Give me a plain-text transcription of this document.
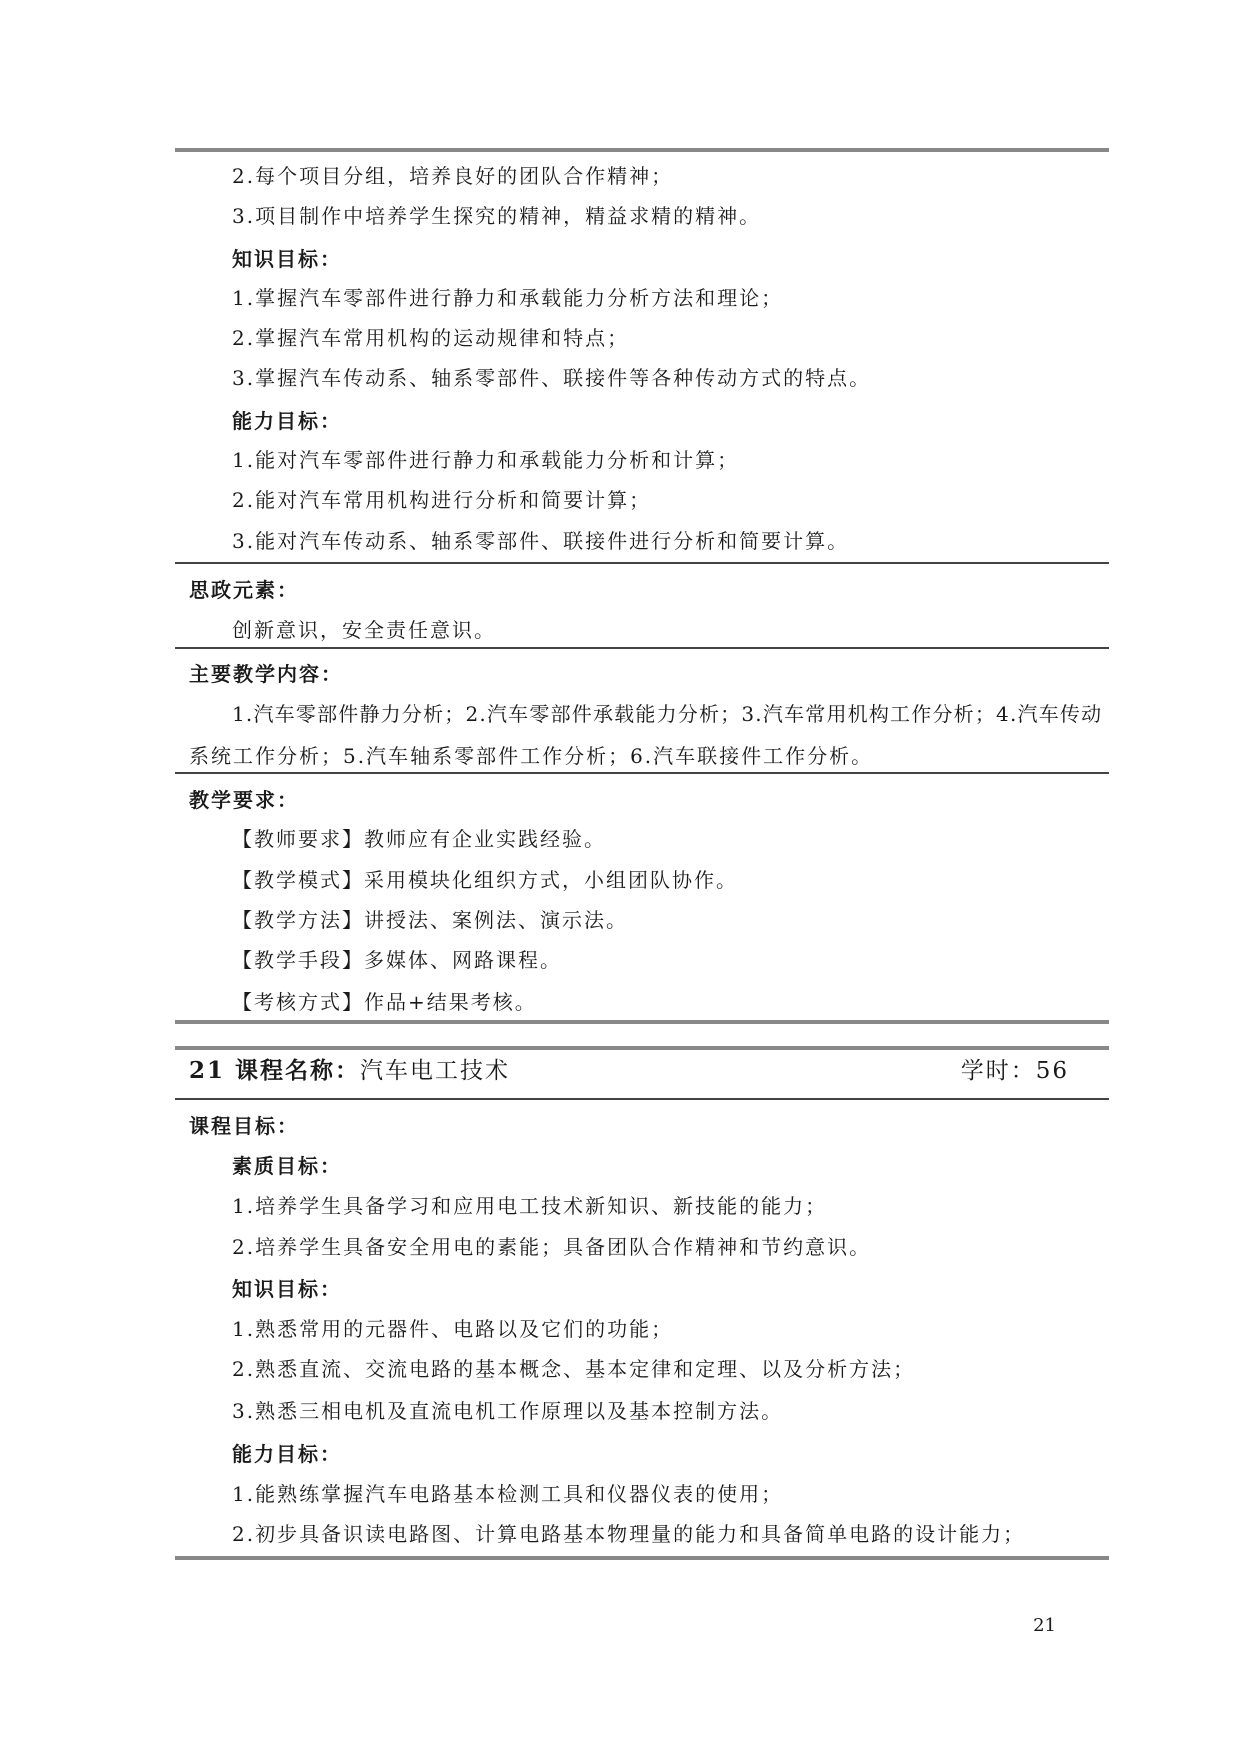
2.每个项目分组，培养良好的团队合作精神；
3.项目制作中培养学生探究的精神，精益求精的精神。
知识目标：
1.掌握汽车零部件进行静力和承载能力分析方法和理论；
2.掌握汽车常用机构的运动规律和特点；
3.掌握汽车传动系、轴系零部件、联接件等各种传动方式的特点。
能力目标：
1.能对汽车零部件进行静力和承载能力分析和计算；
2.能对汽车常用机构进行分析和简要计算；
3.能对汽车传动系、轴系零部件、联接件进行分析和简要计算。
思政元素：
创新意识，安全责任意识。
主要教学内容：
1.汽车零部件静力分析；2.汽车零部件承载能力分析；3.汽车常用机构工作分析；4.汽车传动
系统工作分析；5.汽车轴系零部件工作分析；6.汽车联接件工作分析。
教学要求：
【教师要求】教师应有企业实践经验。
【教学模式】采用模块化组织方式，小组团队协作。
【教学方法】讲授法、案例法、演示法。
【教学手段】多媒体、网路课程。
【考核方式】作品+结果考核。
21 课程名称：汽车电工技术	学时：56
课程目标：
素质目标：
1.培养学生具备学习和应用电工技术新知识、新技能的能力；
2.培养学生具备安全用电的素能；具备团队合作精神和节约意识。
知识目标：
1.熟悉常用的元器件、电路以及它们的功能；
2.熟悉直流、交流电路的基本概念、基本定律和定理、以及分析方法；
3.熟悉三相电机及直流电机工作原理以及基本控制方法。
能力目标：
1.能熟练掌握汽车电路基本检测工具和仪器仪表的使用；
2.初步具备识读电路图、计算电路基本物理量的能力和具备简单电路的设计能力；
21
